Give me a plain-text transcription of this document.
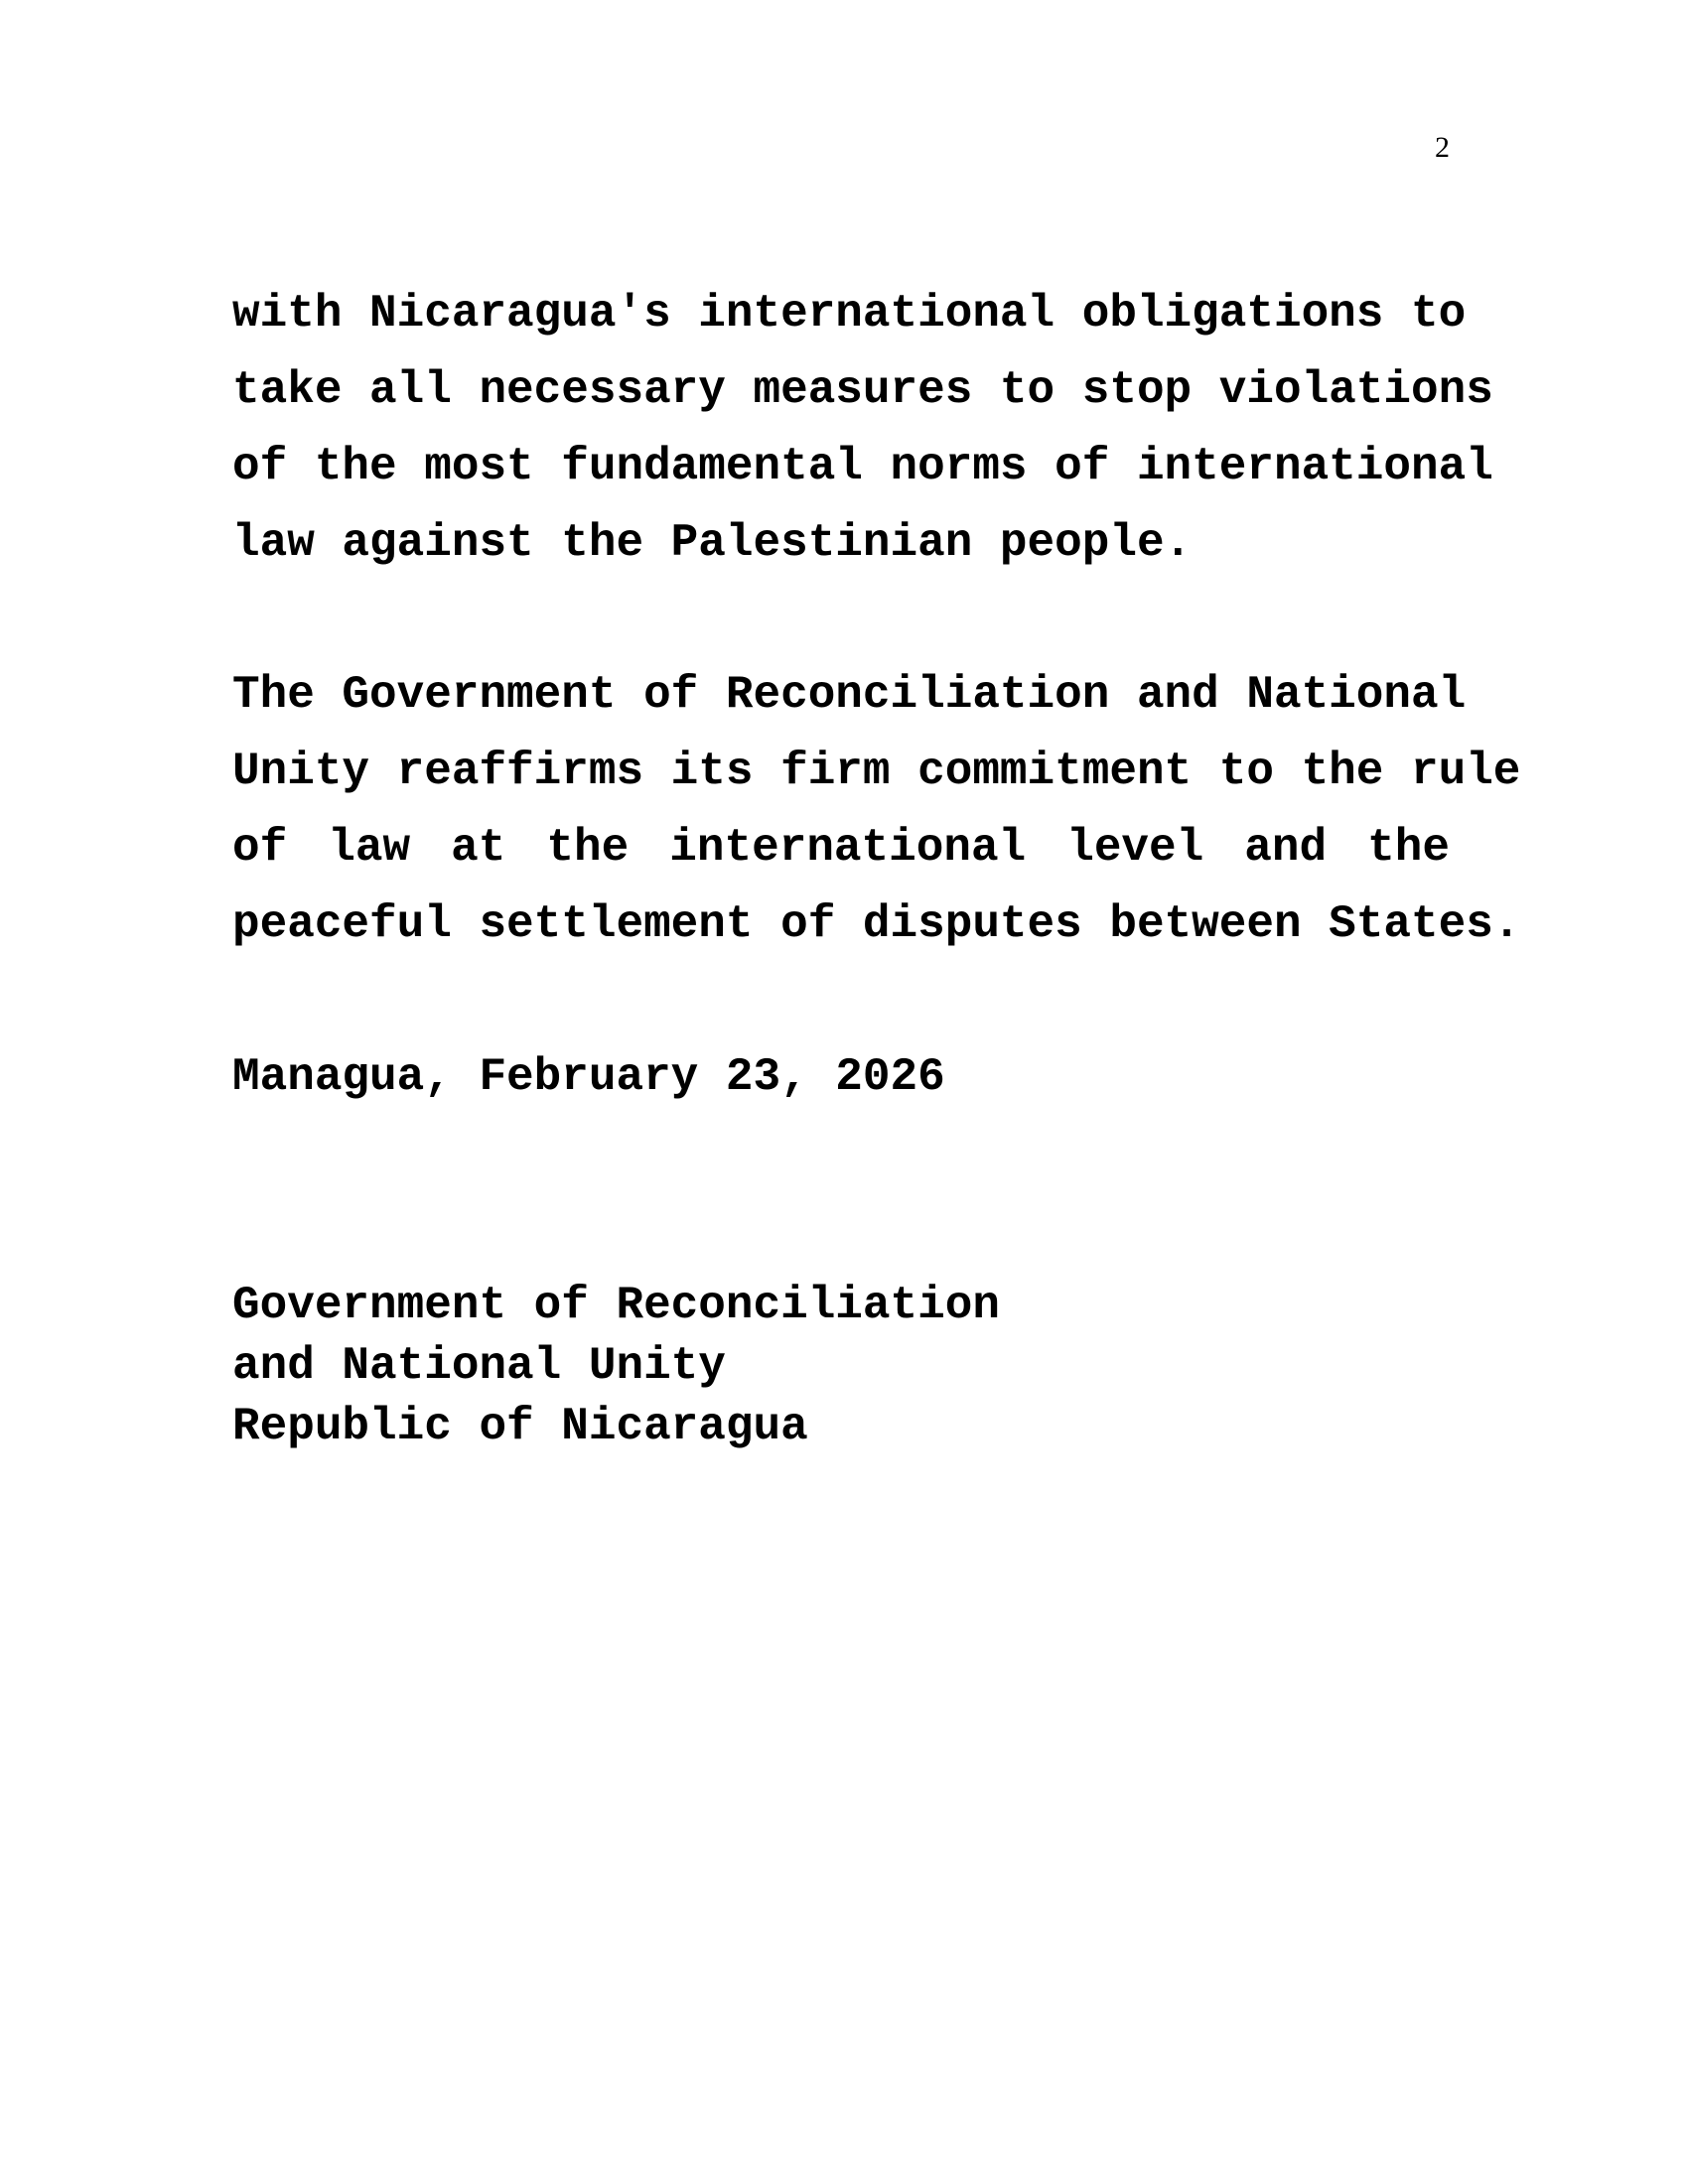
2

with Nicaragua's international obligations to
take all necessary measures to stop violations
of the most fundamental norms of international
law against the Palestinian people.

The Government of Reconciliation and National
Unity reaffirms its firm commitment to the rule
of law at the international level and the
peaceful settlement of disputes between States.

Managua, February 23, 2026

Government of Reconciliation
and National Unity
Republic of Nicaragua
